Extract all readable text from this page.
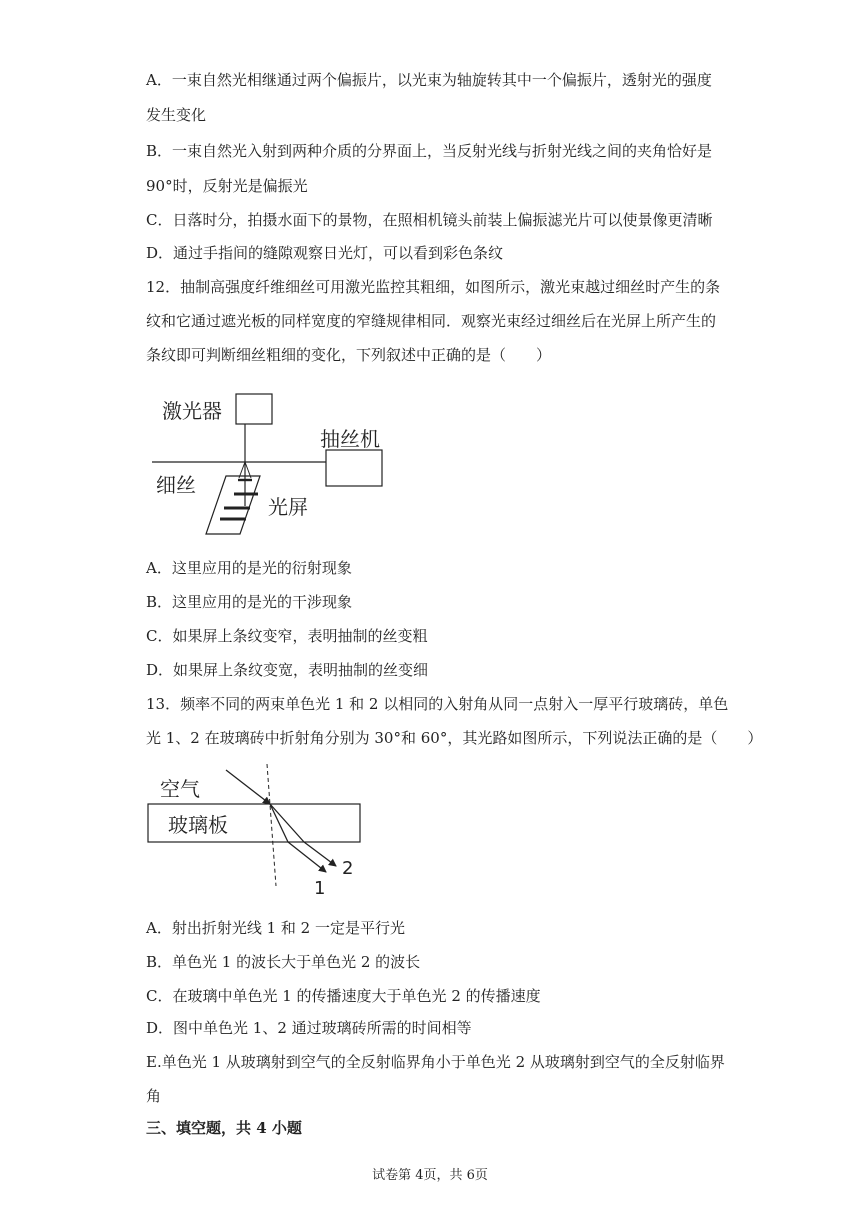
A．一束自然光相继通过两个偏振片，以光束为轴旋转其中一个偏振片，透射光的强度
发生变化
B．一束自然光入射到两种介质的分界面上，当反射光线与折射光线之间的夹角恰好是
90°时，反射光是偏振光
C．日落时分，拍摄水面下的景物，在照相机镜头前装上偏振滤光片可以使景像更清晰
D．通过手指间的缝隙观察日光灯，可以看到彩色条纹
12．抽制高强度纤维细丝可用激光监控其粗细，如图所示，激光束越过细丝时产生的条
纹和它通过遮光板的同样宽度的窄缝规律相同．观察光束经过细丝后在光屏上所产生的
条纹即可判断细丝粗细的变化，下列叙述中正确的是（　　）
激光器
抽丝机
细丝
光屏
A．这里应用的是光的衍射现象
B．这里应用的是光的干涉现象
C．如果屏上条纹变窄，表明抽制的丝变粗
D．如果屏上条纹变宽，表明抽制的丝变细
13．频率不同的两束单色光 1 和 2 以相同的入射角从同一点射入一厚平行玻璃砖，单色
光 1、2 在玻璃砖中折射角分别为 30°和 60°，其光路如图所示，下列说法正确的是（　　）
空气
玻璃板
1
2
A．射出折射光线 1 和 2 一定是平行光
B．单色光 1 的波长大于单色光 2 的波长
C．在玻璃中单色光 1 的传播速度大于单色光 2 的传播速度
D．图中单色光 1、2 通过玻璃砖所需的时间相等
E.单色光 1 从玻璃射到空气的全反射临界角小于单色光 2 从玻璃射到空气的全反射临界
角
三、填空题，共 4 小题
试卷第 4页，共 6页
